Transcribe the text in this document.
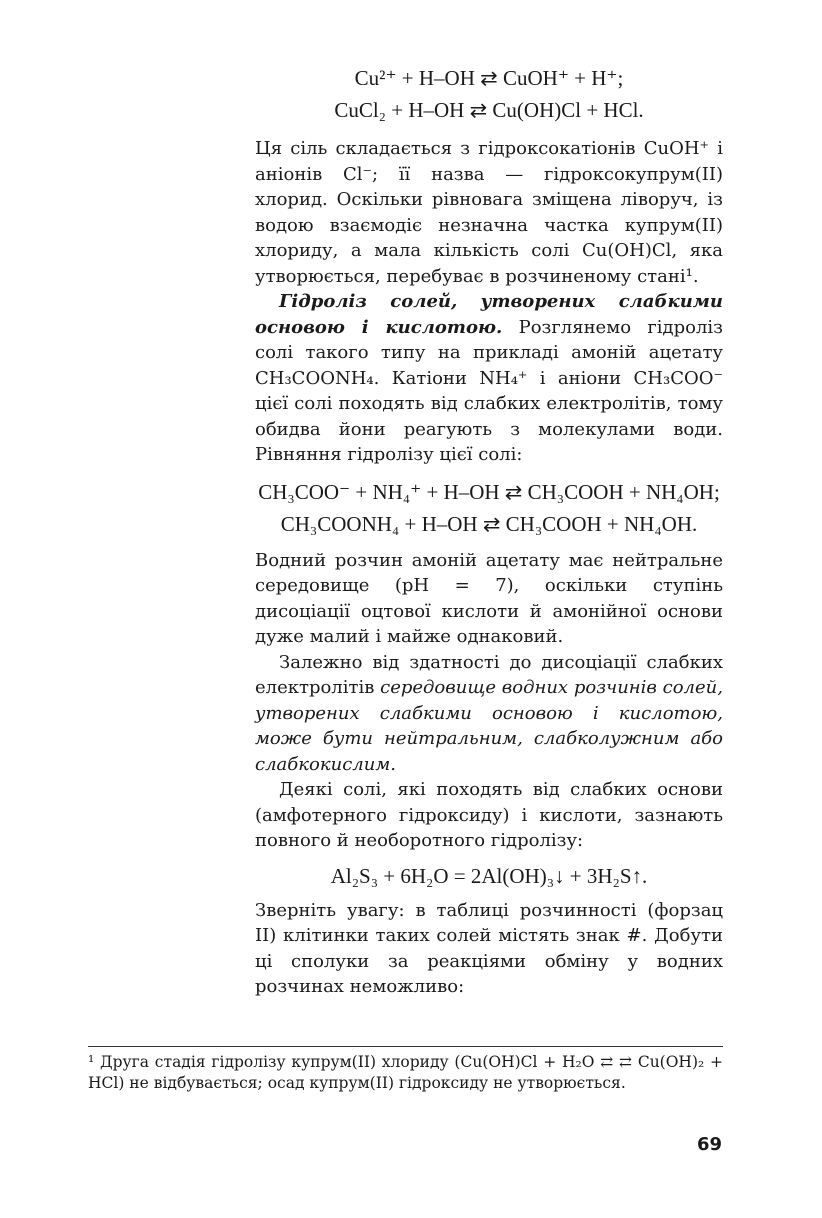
Cu²⁺ + H–OH ⇄ CuOH⁺ + H⁺;
CuCl₂ + H–OH ⇄ Cu(OH)Cl + HCl.

Ця сіль складається з гідроксокатіонів CuOH⁺ і аніонів Cl⁻; її назва — гідроксокупрум(ІІ) хлорид. Оскільки рівновага зміщена ліворуч, із водою взаємодіє незначна частка купрум(ІІ) хлориду, а мала кількість солі Cu(OH)Cl, яка утворюється, перебуває в розчиненому стані¹.

Гідроліз солей, утворених слабкими основою і кислотою. Розглянемо гідроліз солі такого типу на прикладі амоній ацетату CH₃COONH₄. Катіони NH₄⁺ і аніони CH₃COO⁻ цієї солі походять від слабких електролітів, тому обидва йони реагують з молекулами води. Рівняння гідролізу цієї солі:

CH₃COO⁻ + NH₄⁺ + H–OH ⇄ CH₃COOH + NH₄OH;
CH₃COONH₄ + H–OH ⇄ CH₃COOH + NH₄OH.

Водний розчин амоній ацетату має нейтральне середовище (pH = 7), оскільки ступінь дисоціації оцтової кислоти й амонійної основи дуже малий і майже однаковий.

Залежно від здатності до дисоціації слабких електролітів середовище водних розчинів солей, утворених слабкими основою і кислотою, може бути нейтральним, слабколужним або слабкокислим.

Деякі солі, які походять від слабких основи (амфотерного гідроксиду) і кислоти, зазнають повного й необоротного гідролізу:

Al₂S₃ + 6H₂O = 2Al(OH)₃↓ + 3H₂S↑.

Зверніть увагу: в таблиці розчинності (форзац ІІ) клітинки таких солей містять знак #. Добути ці сполуки за реакціями обміну у водних розчинах неможливо:

¹ Друга стадія гідролізу купрум(ІІ) хлориду (Cu(OH)Cl + H₂O ⇄ ⇄ Cu(OH)₂ + HCl) не відбувається; осад купрум(ІІ) гідроксиду не утворюється.
69
